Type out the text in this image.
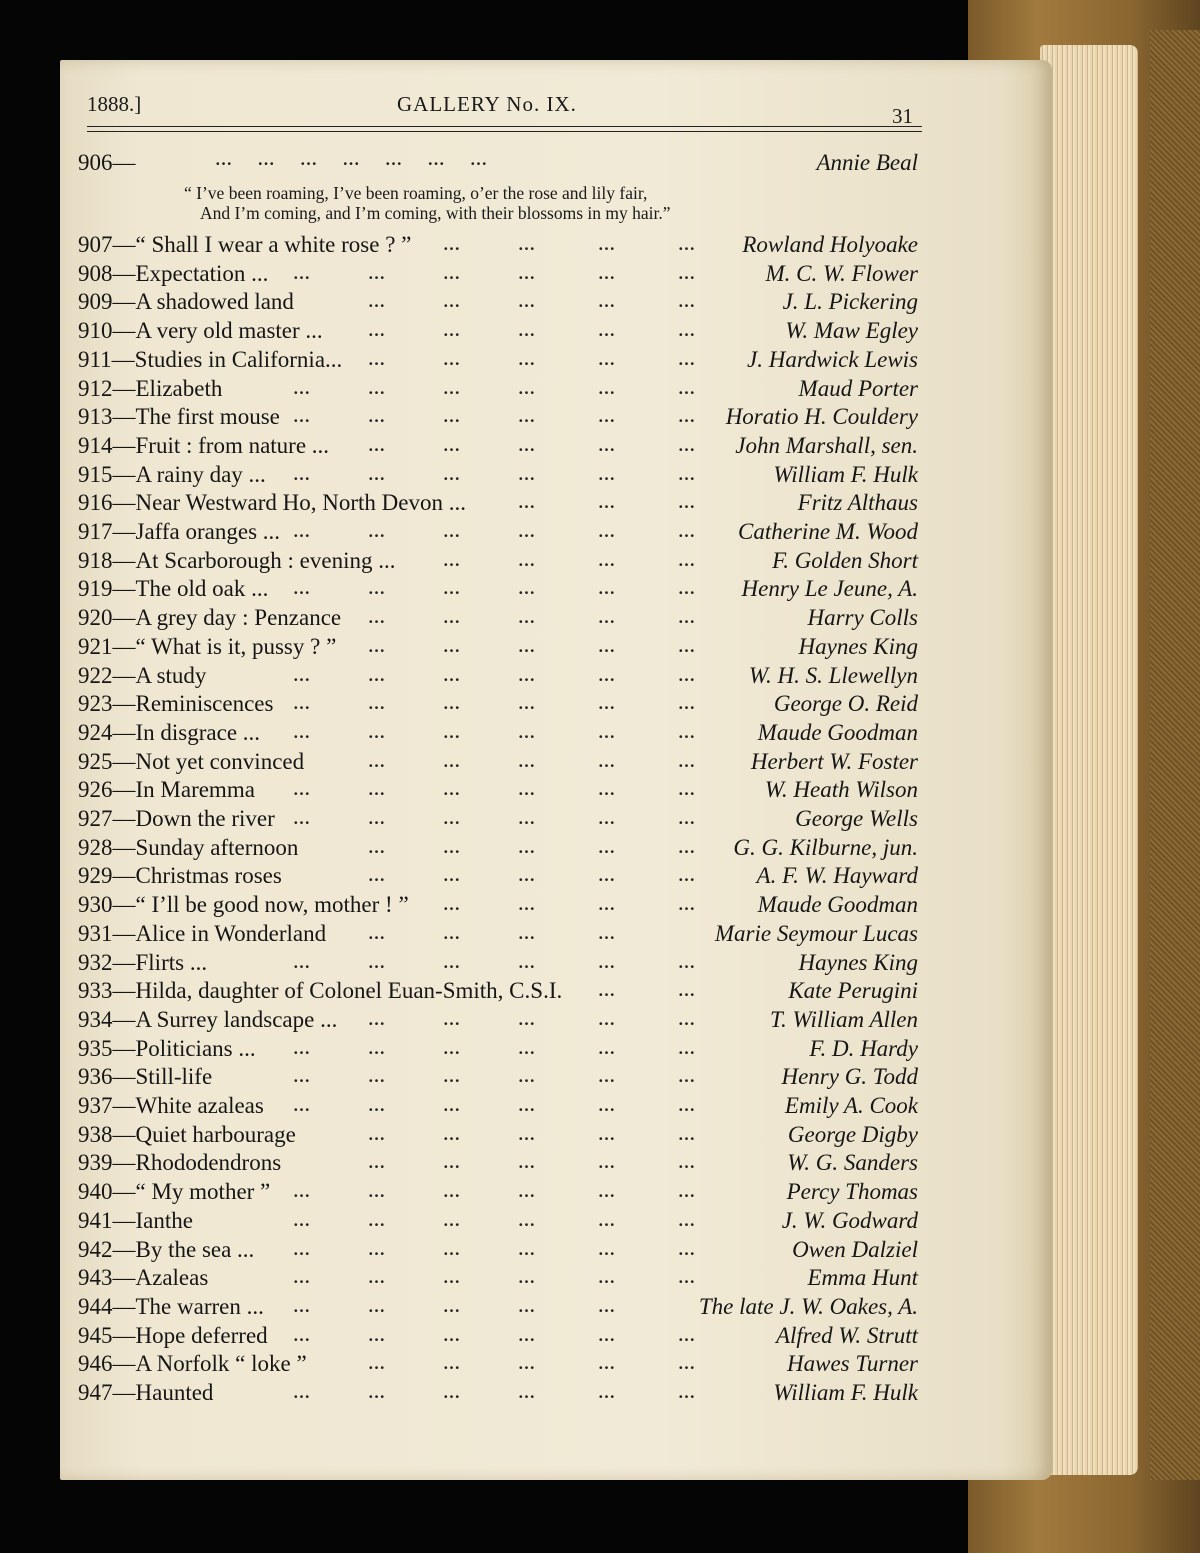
1888.]	GALLERY No. IX.	31
906—	Annie Beal
…      …      …      …      …      …      …
“ I’ve been roaming, I’ve been roaming, o’er the rose and lily fair,
And I’m coming, and I’m coming, with their blossoms in my hair.”
907—“ Shall I wear a white rose ? ”	Rowland Holyoake
…	…	…	…
908—Expectation ...	M. C. W. Flower
…	…	…	…	…	…
909—A shadowed land	J. L. Pickering
…	…	…	…	…
910—A very old master ...	W. Maw Egley
…	…	…	…	…
911—Studies in California...	J. Hardwick Lewis
…	…	…	…	…
912—Elizabeth	Maud Porter
…	…	…	…	…	…
913—The first mouse	Horatio H. Couldery
…	…	…	…	…	…
914—Fruit : from nature ...	John Marshall, sen.
…	…	…	…	…
915—A rainy day ...	William F. Hulk
…	…	…	…	…	…
916—Near Westward Ho, North Devon ...	Fritz Althaus
…	…	…
917—Jaffa oranges ...	Catherine M. Wood
…	…	…	…	…	…
918—At Scarborough : evening ...	F. Golden Short
…	…	…	…
919—The old oak ...	Henry Le Jeune, A.
…	…	…	…	…	…
920—A grey day : Penzance	Harry Colls
…	…	…	…	…
921—“ What is it, pussy ? ”	Haynes King
…	…	…	…	…
922—A study	W. H. S. Llewellyn
…	…	…	…	…	…
923—Reminiscences	George O. Reid
…	…	…	…	…	…
924—In disgrace ...	Maude Goodman
…	…	…	…	…	…
925—Not yet convinced	Herbert W. Foster
…	…	…	…	…
926—In Maremma	W. Heath Wilson
…	…	…	…	…	…
927—Down the river	George Wells
…	…	…	…	…	…
928—Sunday afternoon	G. G. Kilburne, jun.
…	…	…	…	…
929—Christmas roses	A. F. W. Hayward
…	…	…	…	…
930—“ I’ll be good now, mother ! ”	Maude Goodman
…	…	…	…
931—Alice in Wonderland	Marie Seymour Lucas
…	…	…	…
932—Flirts ...	Haynes King
…	…	…	…	…	…
933—Hilda, daughter of Colonel Euan-Smith, C.S.I.	Kate Perugini
…	…
934—A Surrey landscape ...	T. William Allen
…	…	…	…	…
935—Politicians ...	F. D. Hardy
…	…	…	…	…	…
936—Still-life	Henry G. Todd
…	…	…	…	…	…
937—White azaleas	Emily A. Cook
…	…	…	…	…	…
938—Quiet harbourage	George Digby
…	…	…	…	…
939—Rhododendrons	W. G. Sanders
…	…	…	…	…
940—“ My mother ”	Percy Thomas
…	…	…	…	…	…
941—Ianthe	J. W. Godward
…	…	…	…	…	…
942—By the sea ...	Owen Dalziel
…	…	…	…	…	…
943—Azaleas	Emma Hunt
…	…	…	…	…	…
944—The warren ...	The late J. W. Oakes, A.
…	…	…	…	…
945—Hope deferred	Alfred W. Strutt
…	…	…	…	…	…
946—A Norfolk “ loke ”	Hawes Turner
…	…	…	…	…
947—Haunted	William F. Hulk
…	…	…	…	…	…
